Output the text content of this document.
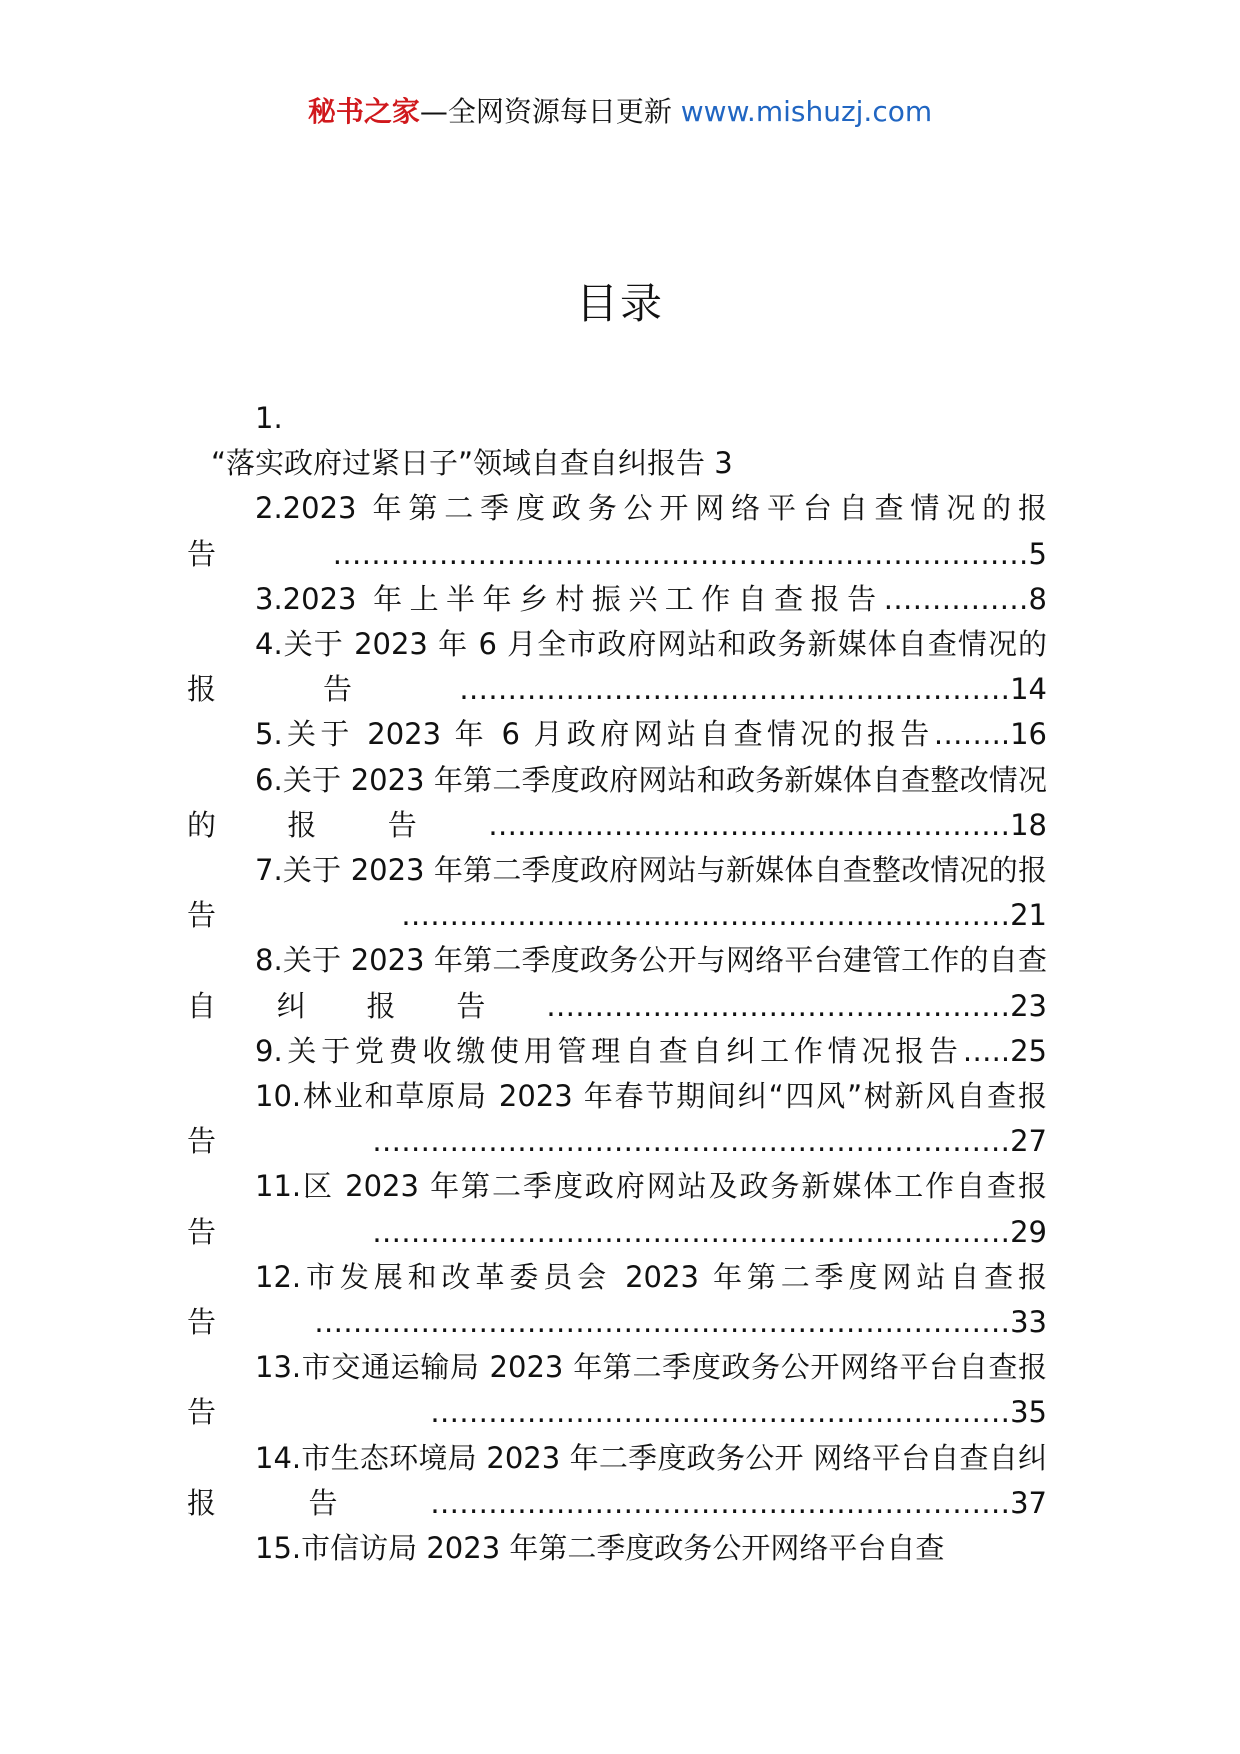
秘书之家—全网资源每日更新 www.mishuzj.com
目录
1.
“落实政府过紧日子”领域自查自纠报告 3
2.2023 年第二季度政务公开网络平台自查情况的报告………………………………………………………………5
3.2023 年上半年乡村振兴工作自查报告……………8
4.关于 2023 年 6 月全市政府网站和政务新媒体自查情况的报告…………………………………………………14
5.关于 2023 年 6 月政府网站自查情况的报告……..16
6.关于 2023 年第二季度政府网站和政务新媒体自查整改情况的报告………………………………………………18
7.关于 2023 年第二季度政府网站与新媒体自查整改情况的报告………………………………………………………21
8.关于 2023 年第二季度政务公开与网络平台建管工作的自查自纠报告…………………………………………23
9.关于党费收缴使用管理自查自纠工作情况报告…..25
10.林业和草原局 2023 年春节期间纠“四风”树新风自查报告…………………………………………………………27
11.区 2023 年第二季度政府网站及政务新媒体工作自查报告…………………………………………………………29
12.市发展和改革委员会 2023 年第二季度网站自查报告………………………………………………………………33
13.市交通运输局 2023 年第二季度政务公开网络平台自查报告……………………………………………………35
14.市生态环境局 2023 年二季度政务公开 网络平台自查自纠报告……………………………………………………37
15.市信访局 2023 年第二季度政务公开网络平台自查
